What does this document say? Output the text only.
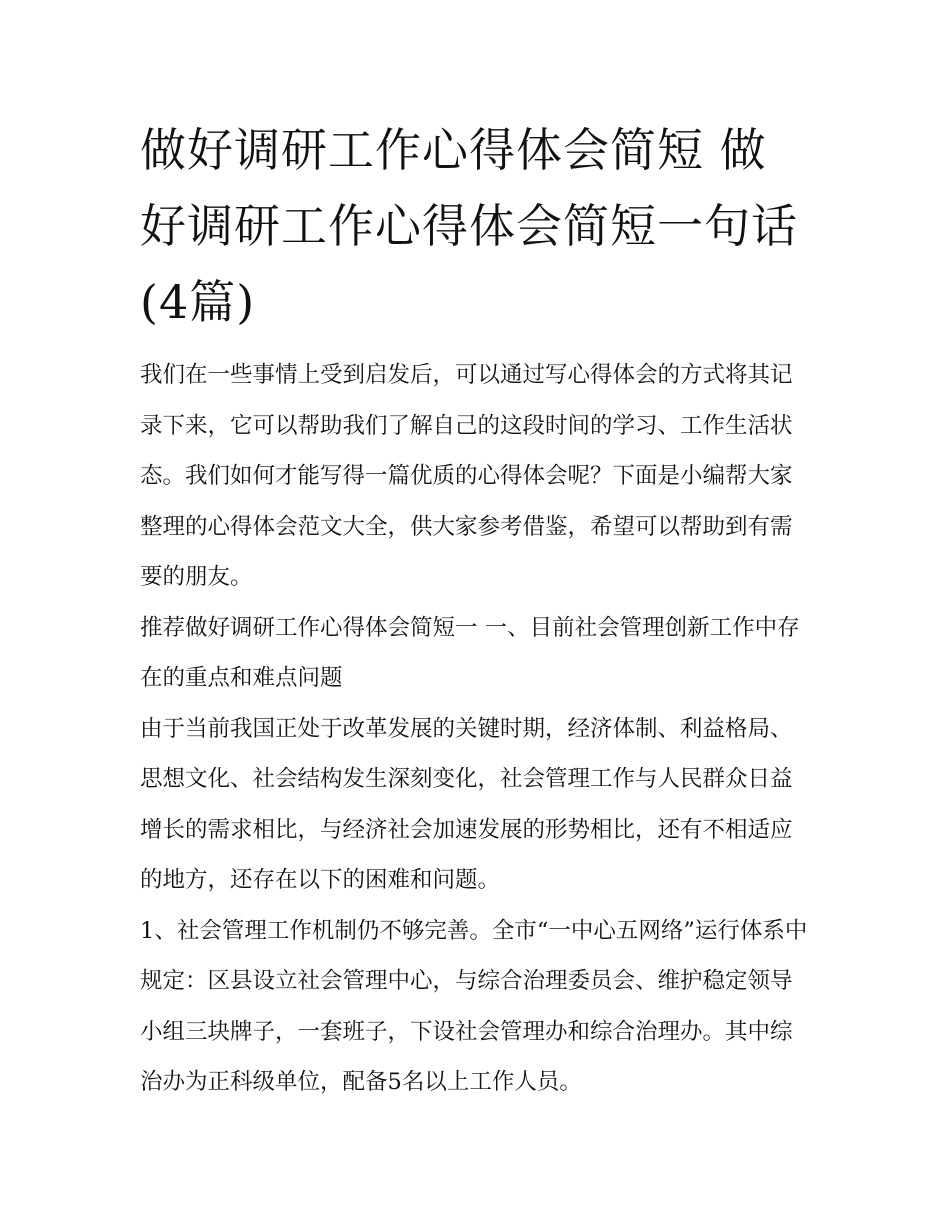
做好调研工作心得体会简短 做好调研工作心得体会简短一句话(4篇)

我们在一些事情上受到启发后，可以通过写心得体会的方式将其记录下来，它可以帮助我们了解自己的这段时间的学习、工作生活状态。我们如何才能写得一篇优质的心得体会呢？下面是小编帮大家整理的心得体会范文大全，供大家参考借鉴，希望可以帮助到有需要的朋友。

推荐做好调研工作心得体会简短一 一、目前社会管理创新工作中存在的重点和难点问题

由于当前我国正处于改革发展的关键时期，经济体制、利益格局、思想文化、社会结构发生深刻变化，社会管理工作与人民群众日益增长的需求相比，与经济社会加速发展的形势相比，还有不相适应的地方，还存在以下的困难和问题。

1、社会管理工作机制仍不够完善。全市“一中心五网络”运行体系中规定：区县设立社会管理中心，与综合治理委员会、维护稳定领导小组三块牌子，一套班子，下设社会管理办和综合治理办。其中综治办为正科级单位，配备5名以上工作人员。
